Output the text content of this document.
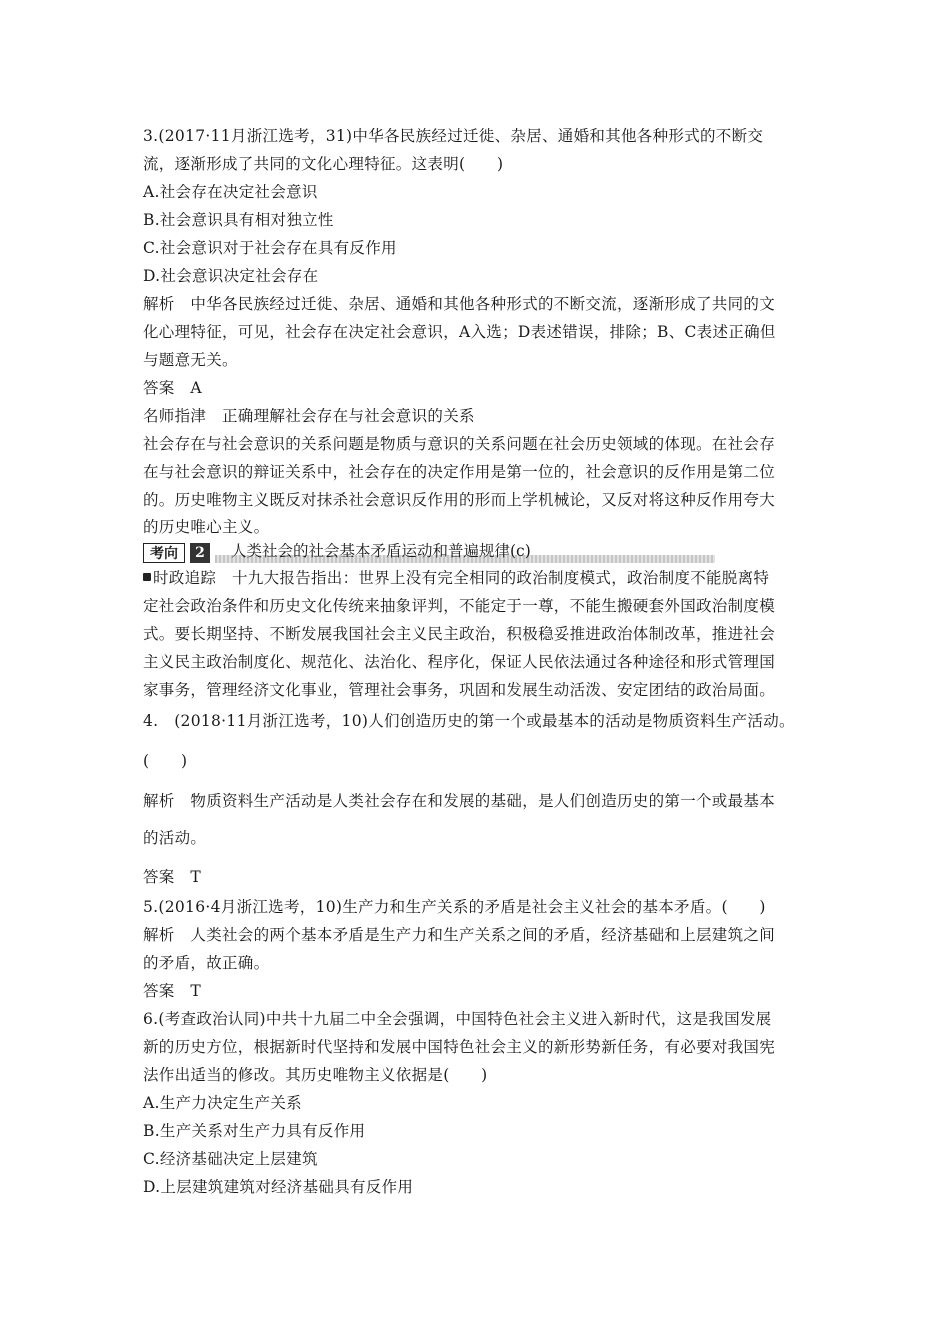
3.(2017·11月浙江选考，31)中华各民族经过迁徙、杂居、通婚和其他各种形式的不断交
流，逐渐形成了共同的文化心理特征。这表明(　　)
A.社会存在决定社会意识
B.社会意识具有相对独立性
C.社会意识对于社会存在具有反作用
D.社会意识决定社会存在
解析　中华各民族经过迁徙、杂居、通婚和其他各种形式的不断交流，逐渐形成了共同的文
化心理特征，可见，社会存在决定社会意识，A入选；D表述错误，排除；B、C表述正确但
与题意无关。
答案　A
名师指津　正确理解社会存在与社会意识的关系
社会存在与社会意识的关系问题是物质与意识的关系问题在社会历史领域的体现。在社会存
在与社会意识的辩证关系中，社会存在的决定作用是第一位的，社会意识的反作用是第二位
的。历史唯物主义既反对抹杀社会意识反作用的形而上学机械论，又反对将这种反作用夸大
的历史唯心主义。
考向	2	人类社会的社会基本矛盾运动和普遍规律(c)
时政追踪　十九大报告指出：世界上没有完全相同的政治制度模式，政治制度不能脱离特
定社会政治条件和历史文化传统来抽象评判，不能定于一尊，不能生搬硬套外国政治制度模
式。要长期坚持、不断发展我国社会主义民主政治，积极稳妥推进政治体制改革，推进社会
主义民主政治制度化、规范化、法治化、程序化，保证人民依法通过各种途径和形式管理国
家事务，管理经济文化事业，管理社会事务，巩固和发展生动活泼、安定团结的政治局面。
4.　(2018·11月浙江选考，10)人们创造历史的第一个或最基本的活动是物质资料生产活动。
(　　)
解析　物质资料生产活动是人类社会存在和发展的基础，是人们创造历史的第一个或最基本
的活动。
答案　T
5.(2016·4月浙江选考，10)生产力和生产关系的矛盾是社会主义社会的基本矛盾。(　　)
解析　人类社会的两个基本矛盾是生产力和生产关系之间的矛盾，经济基础和上层建筑之间
的矛盾，故正确。
答案　T
6.(考查政治认同)中共十九届二中全会强调，中国特色社会主义进入新时代，这是我国发展
新的历史方位，根据新时代坚持和发展中国特色社会主义的新形势新任务，有必要对我国宪
法作出适当的修改。其历史唯物主义依据是(　　)
A.生产力决定生产关系
B.生产关系对生产力具有反作用
C.经济基础决定上层建筑
D.上层建筑建筑对经济基础具有反作用
